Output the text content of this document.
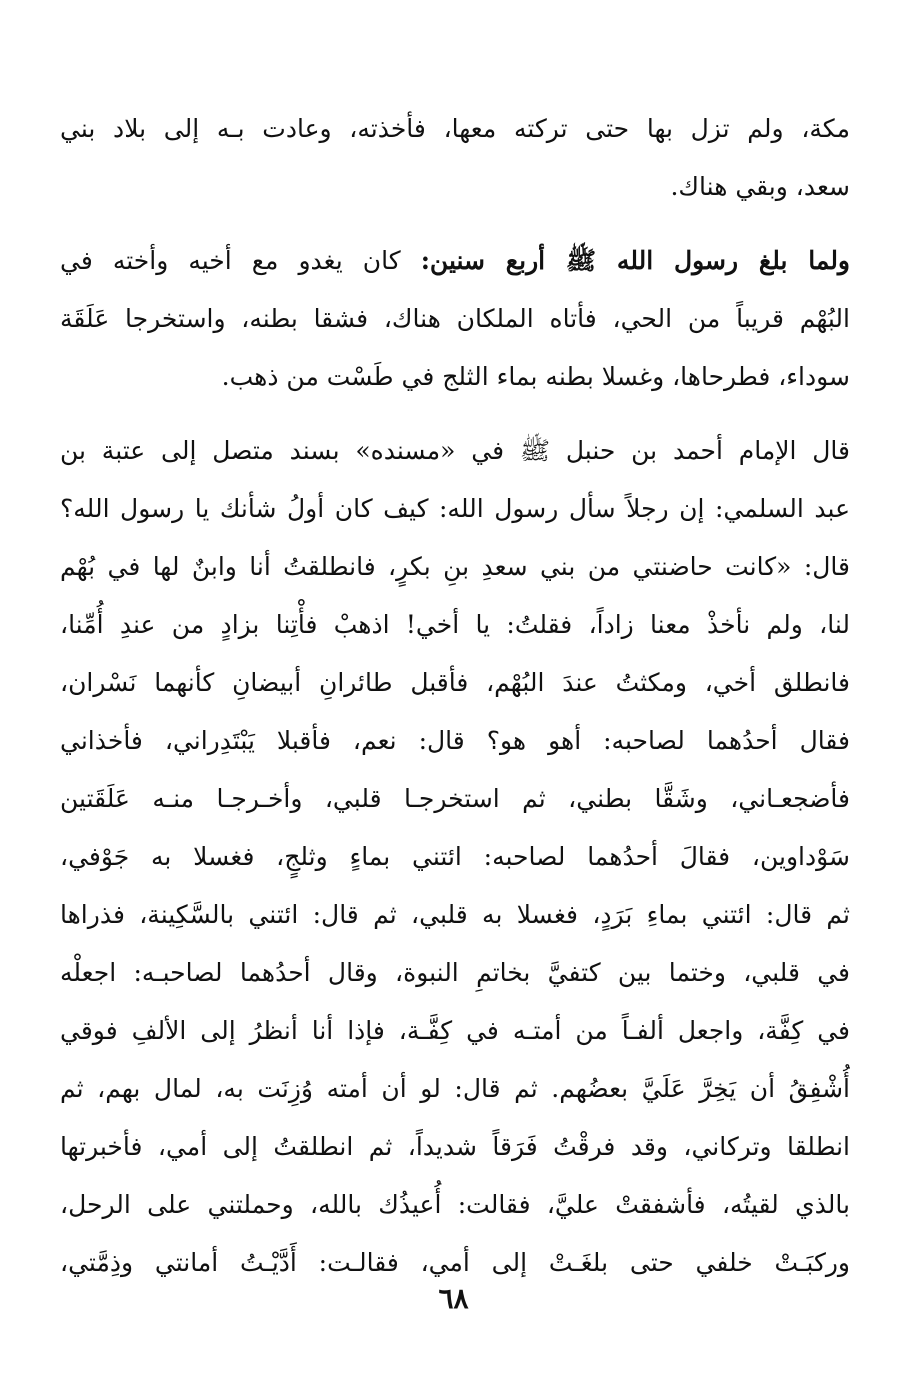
مكة، ولم تزل بها حتى تركته معها، فأخذته، وعادت بـه إلى بلاد بني
سعد، وبقي هناك.
ولما بلغ رسول الله ﷺ أربع سنين: كان يغدو مع أخيه وأخته في
البُهْم قريباً من الحي، فأتاه الملكان هناك، فشقا بطنه، واستخرجا عَلَقَة
سوداء، فطرحاها، وغسلا بطنه بماء الثلج في طَسْت من ذهب.
قال الإمام أحمد بن حنبل ﷺ في «مسنده» بسند متصل إلى عتبة بن
عبد السلمي: إن رجلاً سأل رسول الله: كيف كان أولُ شأنك يا رسول الله؟
قال: «كانت حاضنتي من بني سعدِ بنِ بكرٍ، فانطلقتُ أنا وابنٌ لها في بُهْم
لنا، ولم نأخذْ معنا زاداً، فقلتُ: يا أخي! اذهبْ فأْتِنا بزادٍ من عندِ أُمِّنا،
فانطلق أخي، ومكثتُ عندَ البُهْم، فأقبل طائرانِ أبيضانِ كأنهما نَسْران،
فقال أحدُهما لصاحبه: أهو هو؟ قال: نعم، فأقبلا يَبْتَدِراني، فأخذاني
فأضجعـاني، وشَقَّا بطني، ثم استخرجـا قلبي، وأخـرجـا منـه عَلَقَتين
سَوْداوين، فقالَ أحدُهما لصاحبه: ائتني بماءٍ وثلجٍ، فغسلا به جَوْفي،
ثم قال: ائتني بماءِ بَرَدٍ، فغسلا به قلبي، ثم قال: ائتني بالسَّكِينة، فذراها
في قلبي، وختما بين كتفيَّ بخاتمِ النبوة، وقال أحدُهما لصاحبـه: اجعلْه
في كِفَّة، واجعل ألفـاً من أمتـه في كِفَّـة، فإذا أنا أنظرُ إلى الألفِ فوقي
أُشْفِقُ أن يَخِرَّ عَلَيَّ بعضُهم. ثم قال: لو أن أمته وُزِنَت به، لمال بهم، ثم
انطلقا وتركاني، وقد فرقْتُ فَرَقاً شديداً، ثم انطلقتُ إلى أمي، فأخبرتها
بالذي لقيتُه، فأشفقتْ عليَّ، فقالت: أُعيذُك بالله، وحملتني على الرحل،
وركبَـتْ خلفي حتى بلغَـتْ إلى أمي، فقالـت: أَدَّيْـتُ أمانتي وذِمَّتي،
٦٨
